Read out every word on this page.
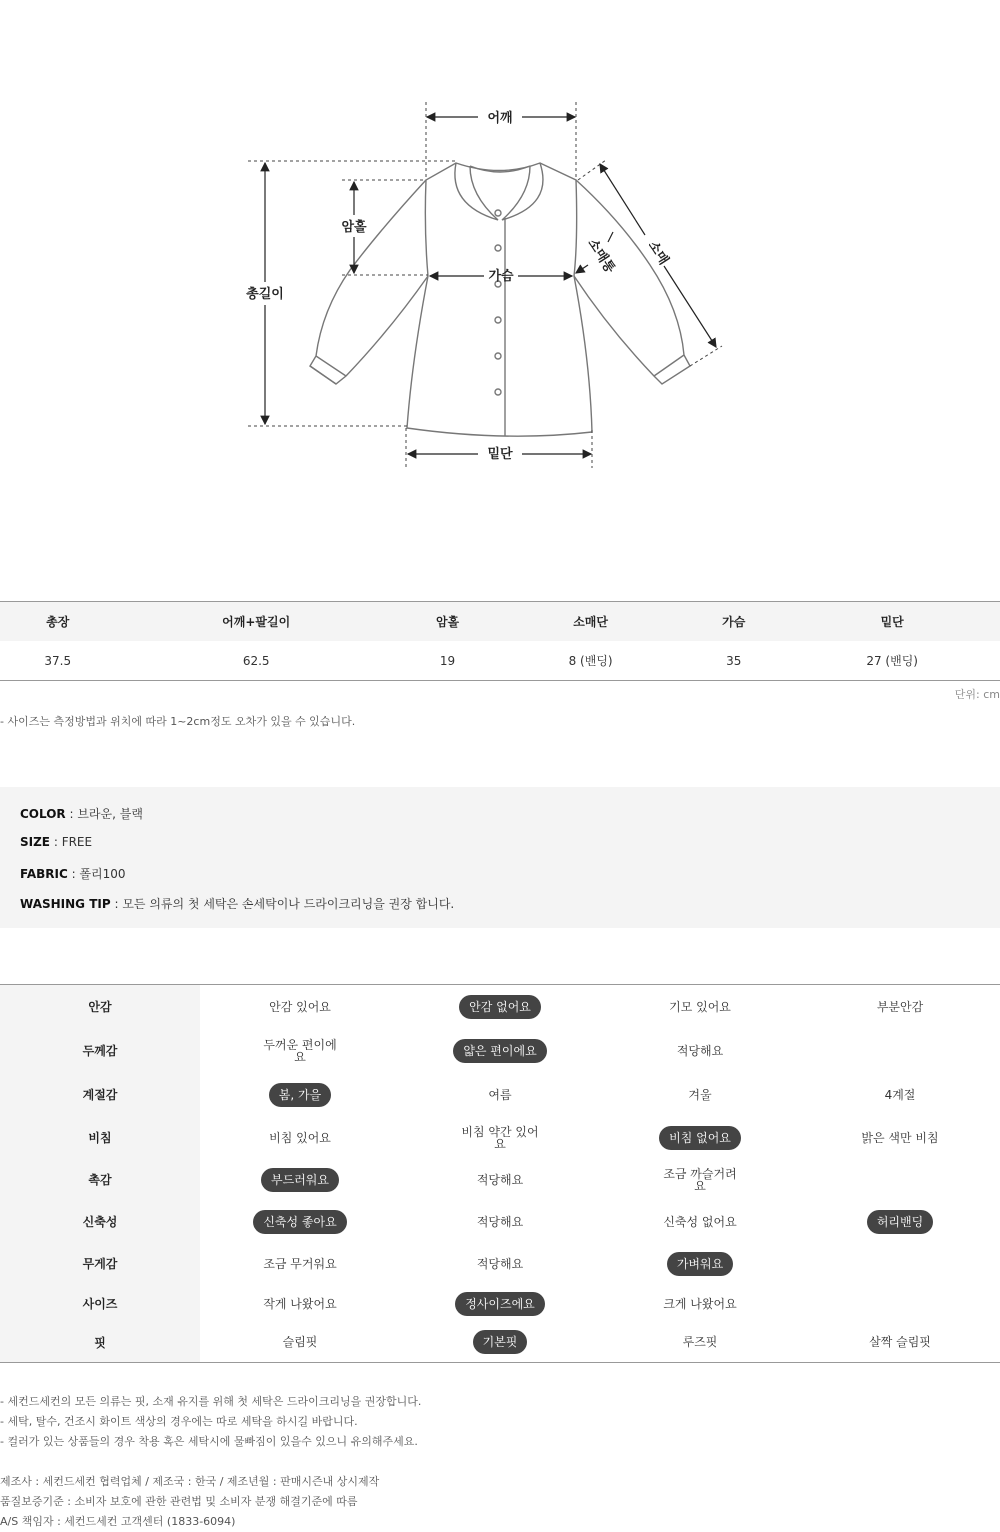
어깨
총길이
암홀
가슴
밑단
소매
소매통
총장	어깨+팔길이	암홀	소매단	가슴	밑단
37.5	62.5	19	8 (밴딩)	35	27 (밴딩)
단위: cm
- 사이즈는 측정방법과 위치에 따라 1~2cm정도 오차가 있을 수 있습니다.
COLOR : 브라운, 블랙
SIZE : FREE
FABRIC : 폴리100
WASHING TIP : 모든 의류의 첫 세탁은 손세탁이나 드라이크리닝을 권장 합니다.
안감	안감 있어요	안감 없어요	기모 있어요	부분안감
두께감	두꺼운 편이에요	얇은 편이에요	적당해요	
계절감	봄, 가을	여름	겨울	4계절
비침	비침 있어요	비침 약간 있어요	비침 없어요	밝은 색만 비침
촉감	부드러워요	적당해요	조금 까슬거려요	
신축성	신축성 좋아요	적당해요	신축성 없어요	허리밴딩
무게감	조금 무거워요	적당해요	가벼워요	
사이즈	작게 나왔어요	정사이즈에요	크게 나왔어요	
핏	슬림핏	기본핏	루즈핏	살짝 슬림핏
- 세컨드세컨의 모든 의류는 핏, 소재 유지를 위해 첫 세탁은 드라이크리닝을 권장합니다.
- 세탁, 탈수, 건조시 화이트 색상의 경우에는 따로 세탁을 하시길 바랍니다.
- 컬러가 있는 상품들의 경우 착용 혹은 세탁시에 물빠짐이 있을수 있으니 유의해주세요.
제조사 : 세컨드세컨 협력업체 / 제조국 : 한국 / 제조년월 : 판매시즌내 상시제작
품질보증기준 : 소비자 보호에 관한 관련법 및 소비자 분쟁 해결기준에 따름
A/S 책임자 : 세컨드세컨 고객센터 (1833-6094)
